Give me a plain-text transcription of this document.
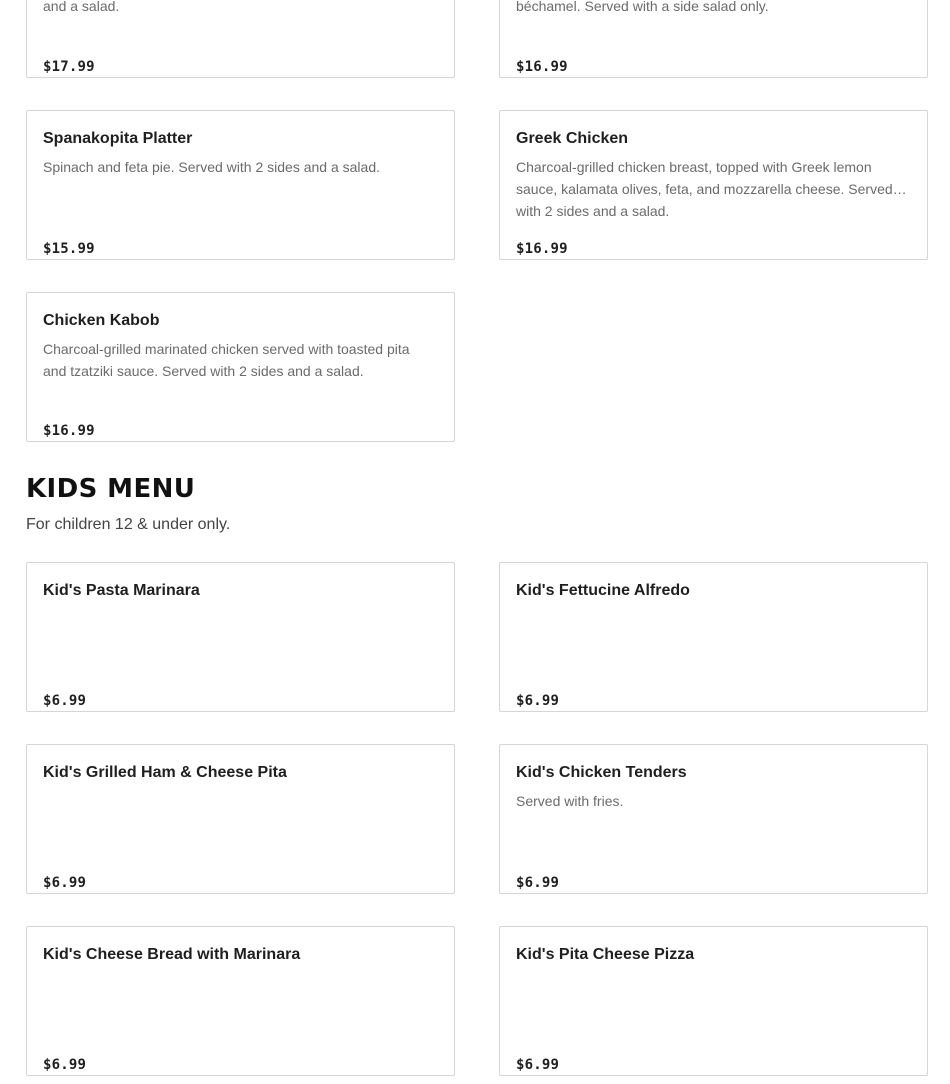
and a salad.
$17.99
béchamel. Served with a side salad only.
$16.99
Spanakopita Platter
Spinach and feta pie. Served with 2 sides and a salad.
$15.99
Greek Chicken
Charcoal-grilled chicken breast, topped with Greek lemon sauce, kalamata olives, feta, and mozzarella cheese. Served with 2 sides and a salad.
$16.99
Chicken Kabob
Charcoal-grilled marinated chicken served with toasted pita and tzatziki sauce. Served with 2 sides and a salad.
$16.99
KIDS MENU
For children 12 & under only.
Kid's Pasta Marinara
$6.99
Kid's Fettucine Alfredo
$6.99
Kid's Grilled Ham & Cheese Pita
$6.99
Kid's Chicken Tenders
Served with fries.
$6.99
Kid's Cheese Bread with Marinara
$6.99
Kid's Pita Cheese Pizza
$6.99
